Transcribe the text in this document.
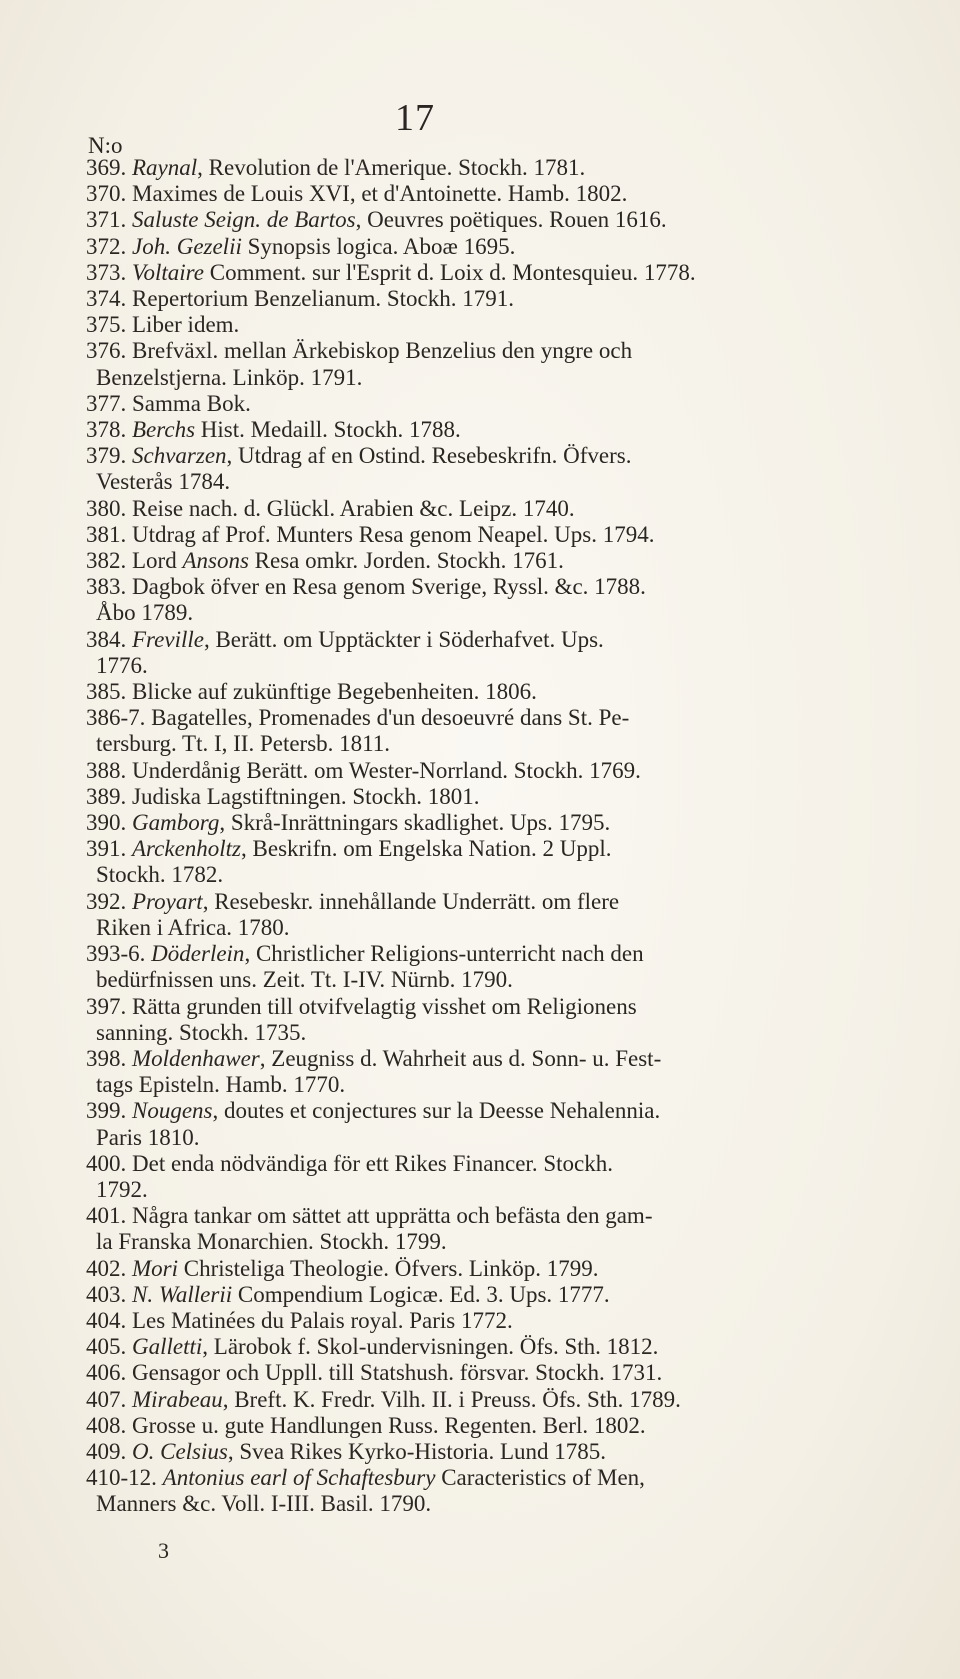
17
N:o
369. Raynal, Revolution de l'Amerique. Stockh. 1781.
370. Maximes de Louis XVI, et d'Antoinette. Hamb. 1802.
371. Saluste Seign. de Bartos, Oeuvres poëtiques. Rouen 1616.
372. Joh. Gezelii Synopsis logica. Aboæ 1695.
373. Voltaire Comment. sur l'Esprit d. Loix d. Montesquieu. 1778.
374. Repertorium Benzelianum. Stockh. 1791.
375. Liber idem.
376. Brefväxl. mellan Ärkebiskop Benzelius den yngre och
Benzelstjerna. Linköp. 1791.
377. Samma Bok.
378. Berchs Hist. Medaill. Stockh. 1788.
379. Schvarzen, Utdrag af en Ostind. Resebeskrifn. Öfvers.
Vesterås 1784.
380. Reise nach. d. Glückl. Arabien &c. Leipz. 1740.
381. Utdrag af Prof. Munters Resa genom Neapel. Ups. 1794.
382. Lord Ansons Resa omkr. Jorden. Stockh. 1761.
383. Dagbok öfver en Resa genom Sverige, Ryssl. &c. 1788.
Åbo 1789.
384. Freville, Berätt. om Upptäckter i Söderhafvet. Ups.
1776.
385. Blicke auf zukünftige Begebenheiten. 1806.
386-7. Bagatelles, Promenades d'un desoeuvré dans St. Pe-
tersburg. Tt. I, II. Petersb. 1811.
388. Underdånig Berätt. om Wester-Norrland. Stockh. 1769.
389. Judiska Lagstiftningen. Stockh. 1801.
390. Gamborg, Skrå-Inrättningars skadlighet. Ups. 1795.
391. Arckenholtz, Beskrifn. om Engelska Nation. 2 Uppl.
Stockh. 1782.
392. Proyart, Resebeskr. innehållande Underrätt. om flere
Riken i Africa. 1780.
393-6. Döderlein, Christlicher Religions-unterricht nach den
bedürfnissen uns. Zeit. Tt. I-IV. Nürnb. 1790.
397. Rätta grunden till otvifvelagtig visshet om Religionens
sanning. Stockh. 1735.
398. Moldenhawer, Zeugniss d. Wahrheit aus d. Sonn- u. Fest-
tags Episteln. Hamb. 1770.
399. Nougens, doutes et conjectures sur la Deesse Nehalennia.
Paris 1810.
400. Det enda nödvändiga för ett Rikes Financer. Stockh.
1792.
401. Några tankar om sättet att upprätta och befästa den gam-
la Franska Monarchien. Stockh. 1799.
402. Mori Christeliga Theologie. Öfvers. Linköp. 1799.
403. N. Wallerii Compendium Logicæ. Ed. 3. Ups. 1777.
404. Les Matinées du Palais royal. Paris 1772.
405. Galletti, Lärobok f. Skol-undervisningen. Öfs. Sth. 1812.
406. Gensagor och Uppll. till Statshush. försvar. Stockh. 1731.
407. Mirabeau, Breft. K. Fredr. Vilh. II. i Preuss. Öfs. Sth. 1789.
408. Grosse u. gute Handlungen Russ. Regenten. Berl. 1802.
409. O. Celsius, Svea Rikes Kyrko-Historia. Lund 1785.
410-12. Antonius earl of Schaftesbury Caracteristics of Men,
Manners &c. Voll. I-III. Basil. 1790.
3
